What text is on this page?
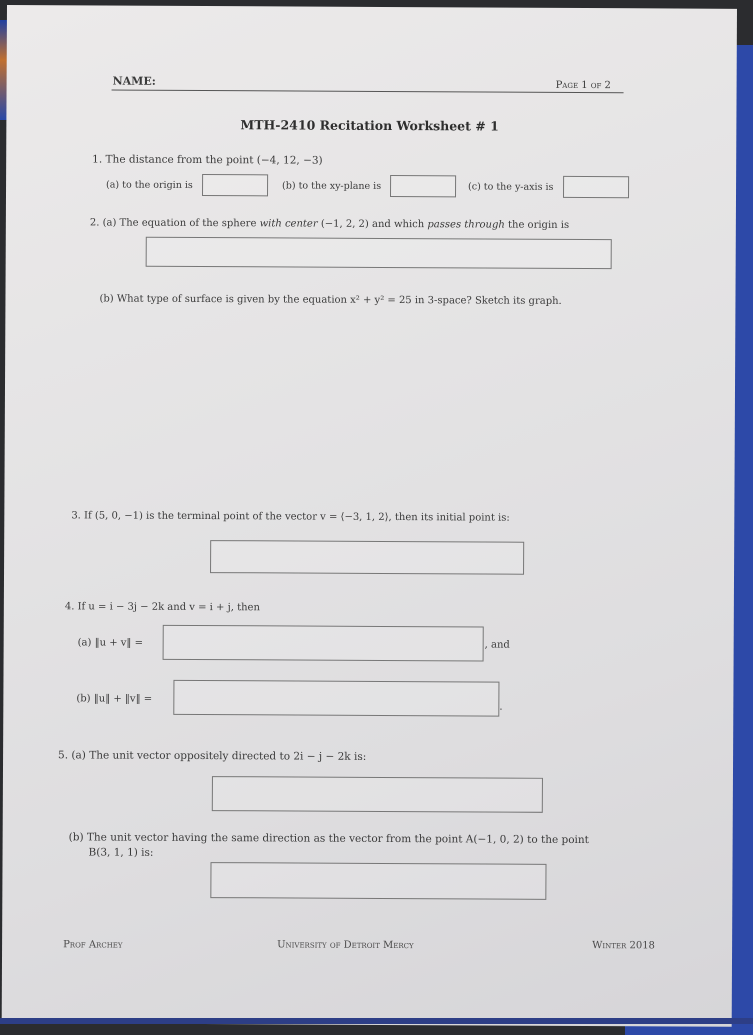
NAME:	Page 1 of 2
MTH-2410 Recitation Worksheet # 1
1. The distance from the point (−4, 12, −3)
(a) to the origin is	(b) to the xy-plane is	(c) to the y-axis is
2. (a) The equation of the sphere with center (−1, 2, 2) and which passes through the origin is
(b) What type of surface is given by the equation x² + y² = 25 in 3-space? Sketch its graph.
3. If (5, 0, −1) is the terminal point of the vector v = ⟨−3, 1, 2⟩, then its initial point is:
4. If u = i − 3j − 2k and v = i + j, then
(a) ‖u + v‖ =	, and
(b) ‖u‖ + ‖v‖ =
.
5. (a) The unit vector oppositely directed to 2i − j − 2k is:
(b) The unit vector having the same direction as the vector from the point A(−1, 0, 2) to the point
B(3, 1, 1) is:
Prof Archey	University of Detroit Mercy	Winter 2018
